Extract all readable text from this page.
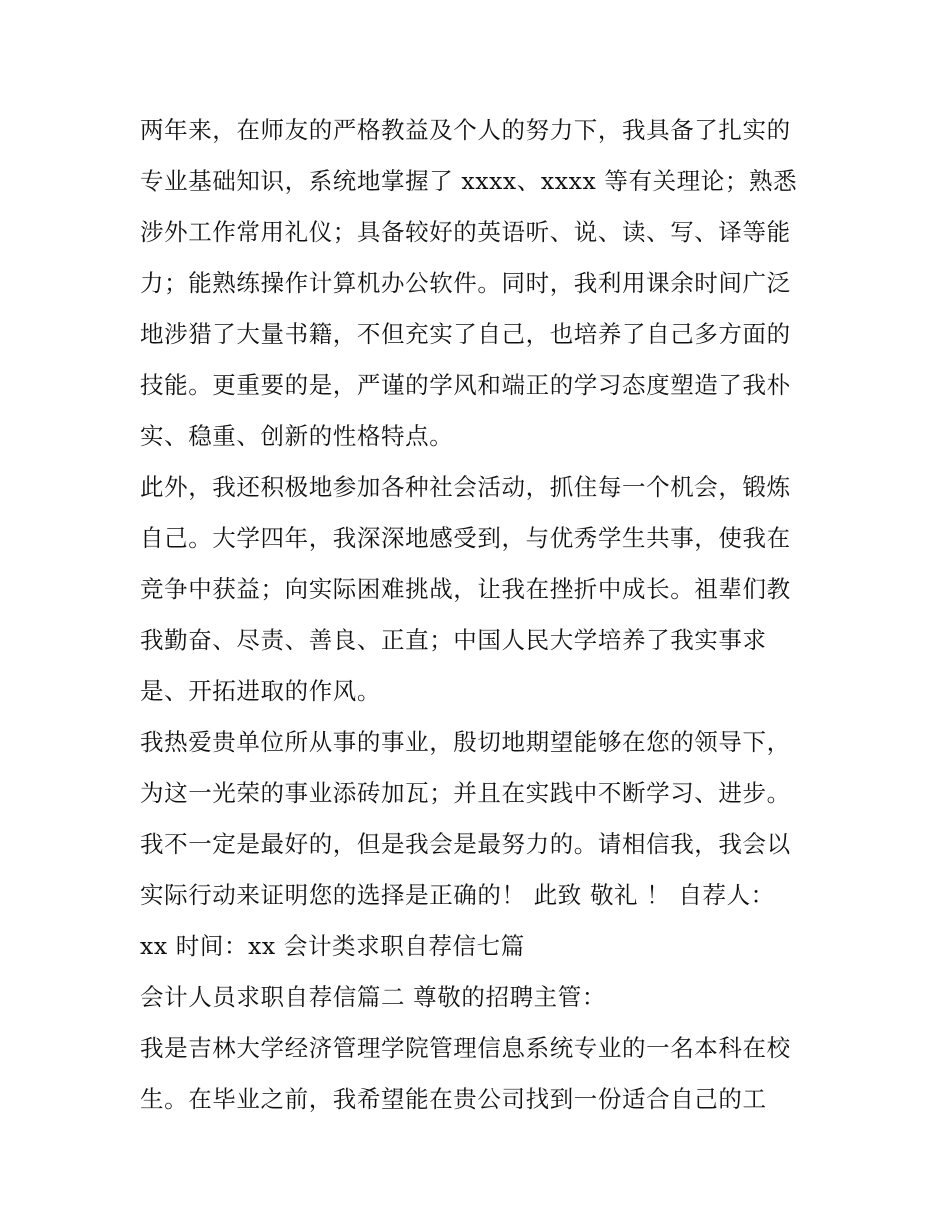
两年来，在师友的严格教益及个人的努力下，我具备了扎实的
专业基础知识，系统地掌握了 xxxx、xxxx 等有关理论；熟悉
涉外工作常用礼仪；具备较好的英语听、说、读、写、译等能
力；能熟练操作计算机办公软件。同时，我利用课余时间广泛
地涉猎了大量书籍，不但充实了自己，也培养了自己多方面的
技能。更重要的是，严谨的学风和端正的学习态度塑造了我朴
实、稳重、创新的性格特点。
此外，我还积极地参加各种社会活动，抓住每一个机会，锻炼
自己。大学四年，我深深地感受到，与优秀学生共事，使我在
竞争中获益；向实际困难挑战，让我在挫折中成长。祖辈们教
我勤奋、尽责、善良、正直；中国人民大学培养了我实事求
是、开拓进取的作风。
我热爱贵单位所从事的事业，殷切地期望能够在您的领导下，
为这一光荣的事业添砖加瓦；并且在实践中不断学习、进步。
我不一定是最好的，但是我会是最努力的。请相信我，我会以
实际行动来证明您的选择是正确的！ 此致 敬礼 ！ 自荐人：
xx 时间：xx 会计类求职自荐信七篇
会计人员求职自荐信篇二 尊敬的招聘主管：
我是吉林大学经济管理学院管理信息系统专业的一名本科在校
生。在毕业之前，我希望能在贵公司找到一份适合自己的工
